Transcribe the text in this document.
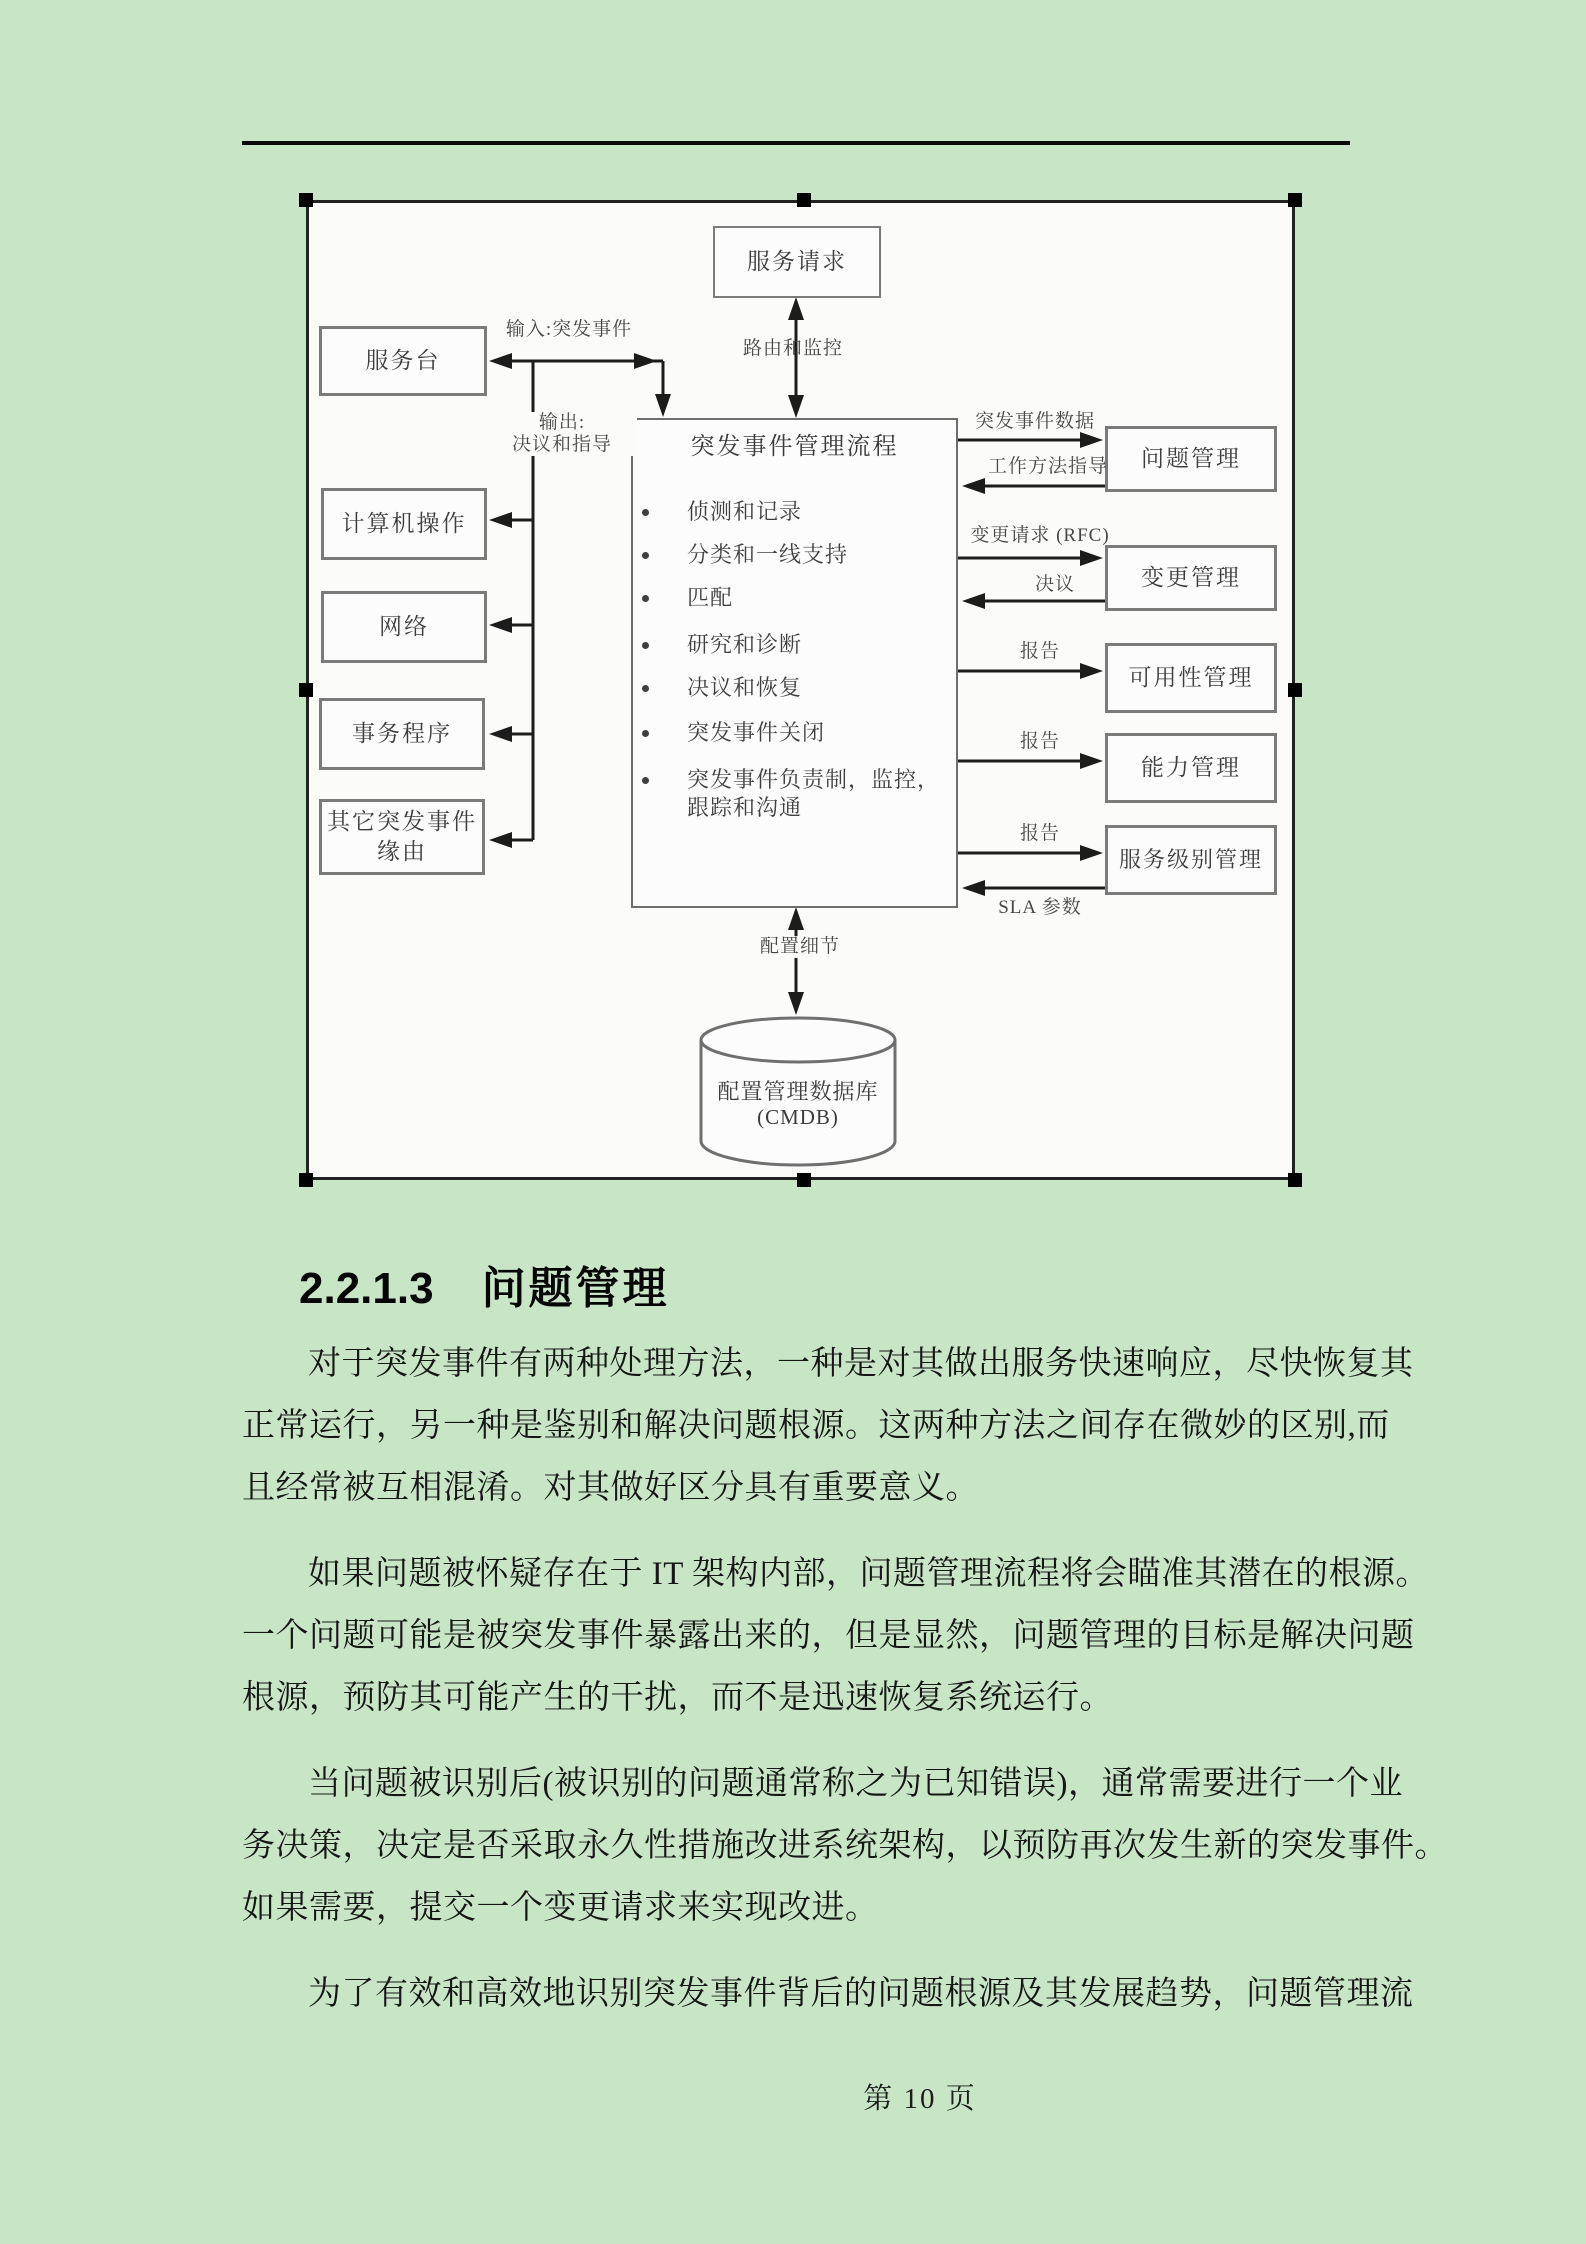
服务请求
服务台
计算机操作
网络
事务程序
其它突发事件
缘由
突发事件管理流程
侦测和记录
分类和一线支持
匹配
研究和诊断
决议和恢复
突发事件关闭
突发事件负责制，监控，
跟踪和沟通
问题管理
变更管理
可用性管理
能力管理
服务级别管理
配置管理数据库
(CMDB)
输入:突发事件
路由和监控
输出:
决议和指导
突发事件数据
工作方法指导
变更请求 (RFC)
决议
报告
报告
报告
SLA 参数
配置细节
2.2.1.3 问题管理
对于突发事件有两种处理方法，一种是对其做出服务快速响应，尽快恢复其
正常运行，另一种是鉴别和解决问题根源。这两种方法之间存在微妙的区别,而
且经常被互相混淆。对其做好区分具有重要意义。
如果问题被怀疑存在于 IT 架构内部，问题管理流程将会瞄准其潜在的根源。
一个问题可能是被突发事件暴露出来的，但是显然，问题管理的目标是解决问题
根源，预防其可能产生的干扰，而不是迅速恢复系统运行。
当问题被识别后(被识别的问题通常称之为已知错误)，通常需要进行一个业
务决策，决定是否采取永久性措施改进系统架构，以预防再次发生新的突发事件。
如果需要，提交一个变更请求来实现改进。
为了有效和高效地识别突发事件背后的问题根源及其发展趋势，问题管理流
第 10 页
